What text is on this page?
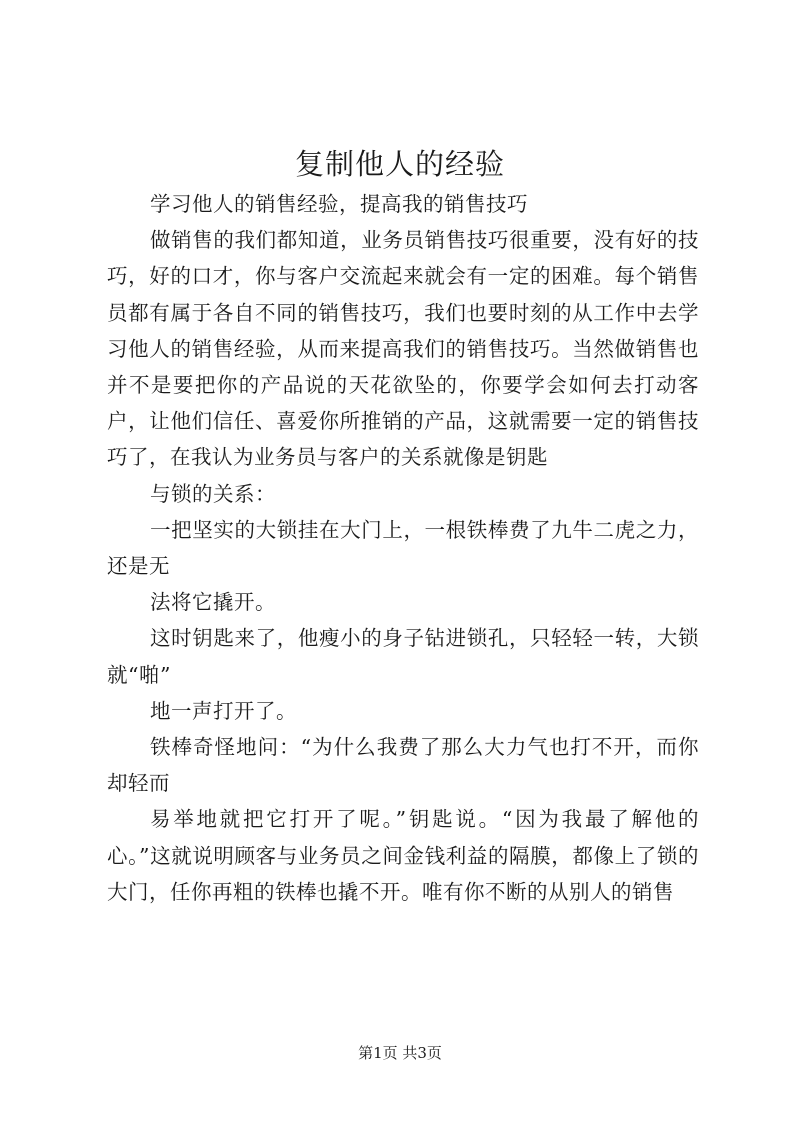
复制他人的经验

学习他人的销售经验，提高我的销售技巧

做销售的我们都知道，业务员销售技巧很重要，没有好的技巧，好的口才，你与客户交流起来就会有一定的困难。每个销售员都有属于各自不同的销售技巧，我们也要时刻的从工作中去学习他人的销售经验，从而来提高我们的销售技巧。当然做销售也并不是要把你的产品说的天花欲坠的，你要学会如何去打动客户，让他们信任、喜爱你所推销的产品，这就需要一定的销售技巧了，在我认为业务员与客户的关系就像是钥匙

与锁的关系：

一把坚实的大锁挂在大门上，一根铁棒费了九牛二虎之力，还是无

法将它撬开。

这时钥匙来了，他瘦小的身子钻进锁孔，只轻轻一转，大锁就“啪”

地一声打开了。

铁棒奇怪地问：“为什么我费了那么大力气也打不开，而你却轻而

易举地就把它打开了呢。”钥匙说。“因为我最了解他的心。”这就说明顾客与业务员之间金钱利益的隔膜，都像上了锁的大门，任你再粗的铁棒也撬不开。唯有你不断的从别人的销售

第1页 共3页
